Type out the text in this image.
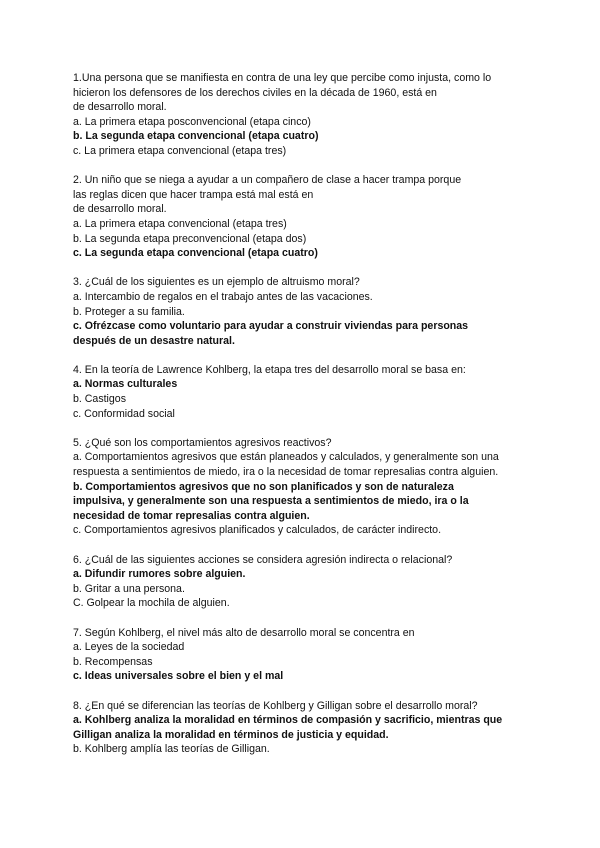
1.Una persona que se manifiesta en contra de una ley que percibe como injusta, como lo
hicieron los defensores de los derechos civiles en la década de 1960, está en
de desarrollo moral.
a. La primera etapa posconvencional (etapa cinco)
b. La segunda etapa convencional (etapa cuatro)
c. La primera etapa convencional (etapa tres)
2. Un niño que se niega a ayudar a un compañero de clase a hacer trampa porque
las reglas dicen que hacer trampa está mal está en
de desarrollo moral.
a. La primera etapa convencional (etapa tres)
b. La segunda etapa preconvencional (etapa dos)
c. La segunda etapa convencional (etapa cuatro)
3. ¿Cuál de los siguientes es un ejemplo de altruismo moral?
a. Intercambio de regalos en el trabajo antes de las vacaciones.
b. Proteger a su familia.
c. Ofrézcase como voluntario para ayudar a construir viviendas para personas
después de un desastre natural.
4. En la teoría de Lawrence Kohlberg, la etapa tres del desarrollo moral se basa en:
a. Normas culturales
b. Castigos
c. Conformidad social
5. ¿Qué son los comportamientos agresivos reactivos?
a. Comportamientos agresivos que están planeados y calculados, y generalmente son una
respuesta a sentimientos de miedo, ira o la necesidad de tomar represalias contra alguien.
b. Comportamientos agresivos que no son planificados y son de naturaleza
impulsiva, y generalmente son una respuesta a sentimientos de miedo, ira o la
necesidad de tomar represalias contra alguien.
c. Comportamientos agresivos planificados y calculados, de carácter indirecto.
6. ¿Cuál de las siguientes acciones se considera agresión indirecta o relacional?
a. Difundir rumores sobre alguien.
b. Gritar a una persona.
C. Golpear la mochila de alguien.
7. Según Kohlberg, el nivel más alto de desarrollo moral se concentra en
a. Leyes de la sociedad
b. Recompensas
c. Ideas universales sobre el bien y el mal
8. ¿En qué se diferencian las teorías de Kohlberg y Gilligan sobre el desarrollo moral?
a. Kohlberg analiza la moralidad en términos de compasión y sacrificio, mientras que
Gilligan analiza la moralidad en términos de justicia y equidad.
b. Kohlberg amplía las teorías de Gilligan.
